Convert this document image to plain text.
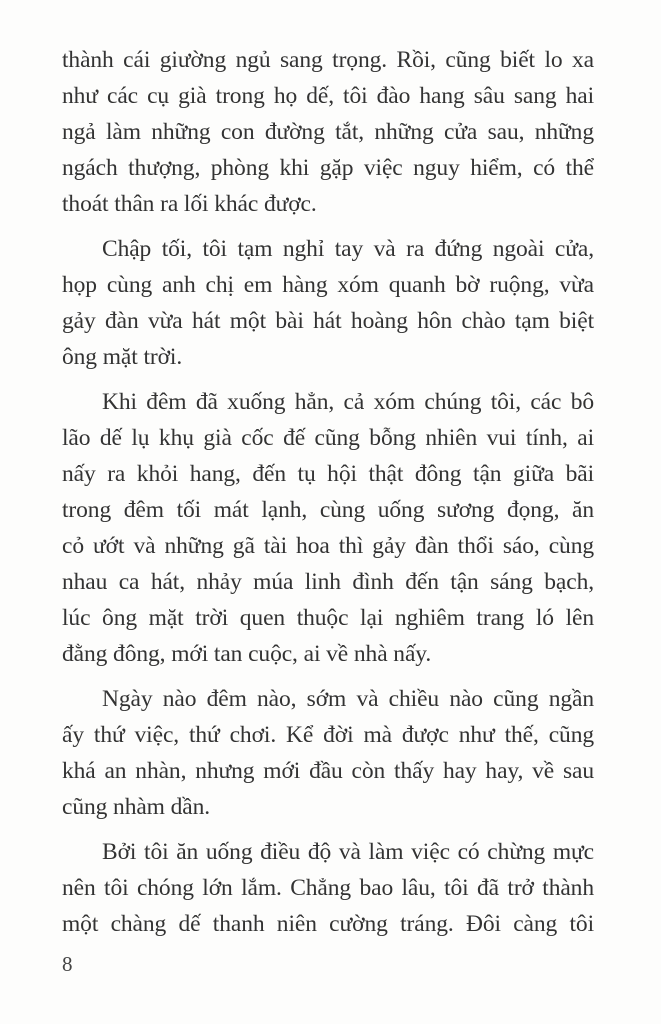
thành cái giường ngủ sang trọng. Rồi, cũng biết lo xa
như các cụ già trong họ dế, tôi đào hang sâu sang hai
ngả làm những con đường tắt, những cửa sau, những
ngách thượng, phòng khi gặp việc nguy hiểm, có thể
thoát thân ra lối khác được.

Chập tối, tôi tạm nghỉ tay và ra đứng ngoài cửa,
họp cùng anh chị em hàng xóm quanh bờ ruộng, vừa
gảy đàn vừa hát một bài hát hoàng hôn chào tạm biệt
ông mặt trời.

Khi đêm đã xuống hẳn, cả xóm chúng tôi, các bô
lão dế lụ khụ già cốc đế cũng bỗng nhiên vui tính, ai
nấy ra khỏi hang, đến tụ hội thật đông tận giữa bãi
trong đêm tối mát lạnh, cùng uống sương đọng, ăn
cỏ ướt và những gã tài hoa thì gảy đàn thổi sáo, cùng
nhau ca hát, nhảy múa linh đình đến tận sáng bạch,
lúc ông mặt trời quen thuộc lại nghiêm trang ló lên
đằng đông, mới tan cuộc, ai về nhà nấy.

Ngày nào đêm nào, sớm và chiều nào cũng ngần
ấy thứ việc, thứ chơi. Kể đời mà được như thế, cũng
khá an nhàn, nhưng mới đầu còn thấy hay hay, về sau
cũng nhàm dần.

Bởi tôi ăn uống điều độ và làm việc có chừng mực
nên tôi chóng lớn lắm. Chẳng bao lâu, tôi đã trở thành
một chàng dế thanh niên cường tráng. Đôi càng tôi

8
